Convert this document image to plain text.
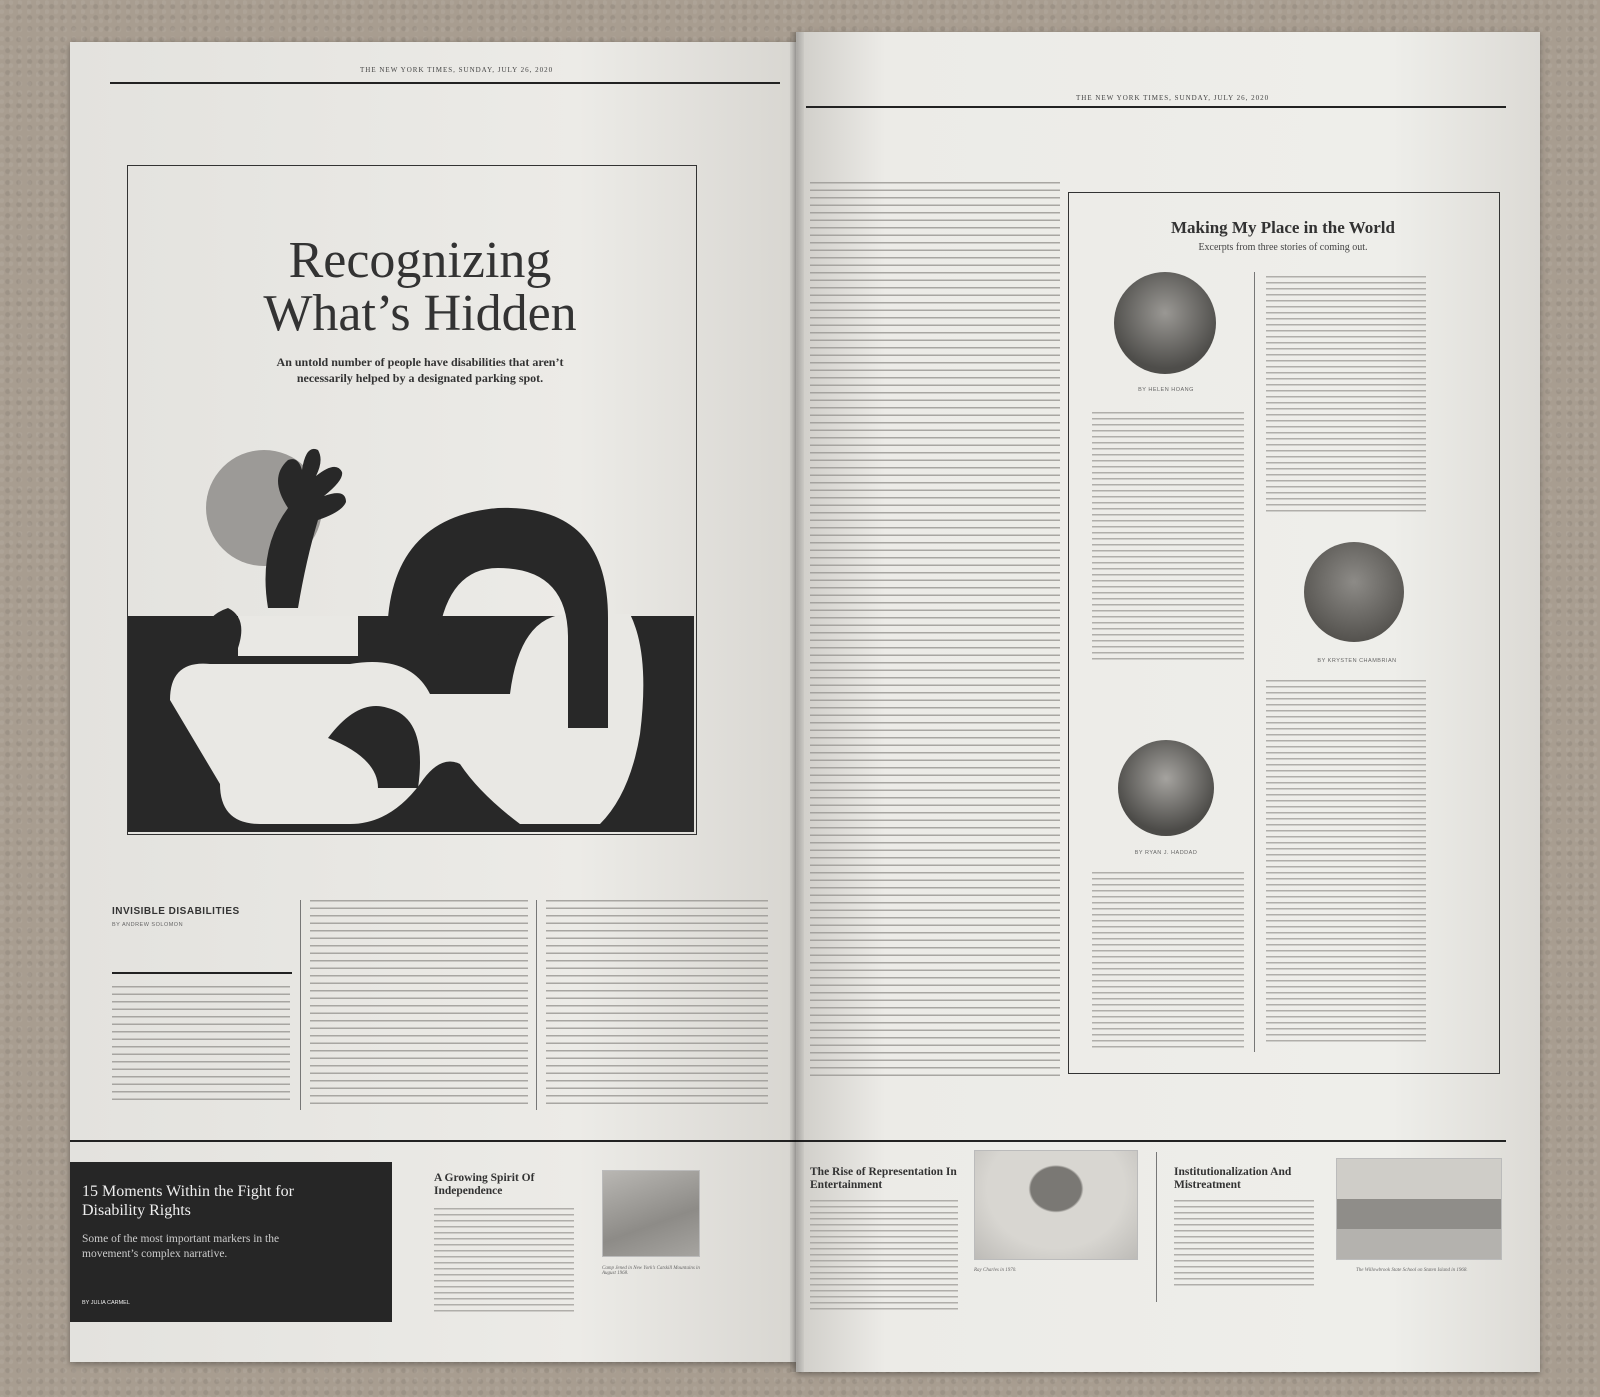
THE NEW YORK TIMES, SUNDAY, JULY 26, 2020
Recognizing
What’s Hidden
An untold number of people have disabilities that aren’t necessarily helped by a designated parking spot.
INVISIBLE DISABILITIES
BY ANDREW SOLOMON
15 Moments Within the Fight for Disability Rights
Some of the most important markers in the movement’s complex narrative.
BY JULIA CARMEL
A Growing Spirit Of Independence
Camp Jened in New York’s Catskill Mountains in August 1968.
THE NEW YORK TIMES, SUNDAY, JULY 26, 2020
Making My Place in the World
Excerpts from three stories of coming out.
BY HELEN HOANG
BY KRYSTEN CHAMBRIAN
BY RYAN J. HADDAD
The Rise of Representation In Entertainment
Ray Charles in 1970.
Institutionalization And Mistreatment
The Willowbrook State School on Staten Island in 1968.
